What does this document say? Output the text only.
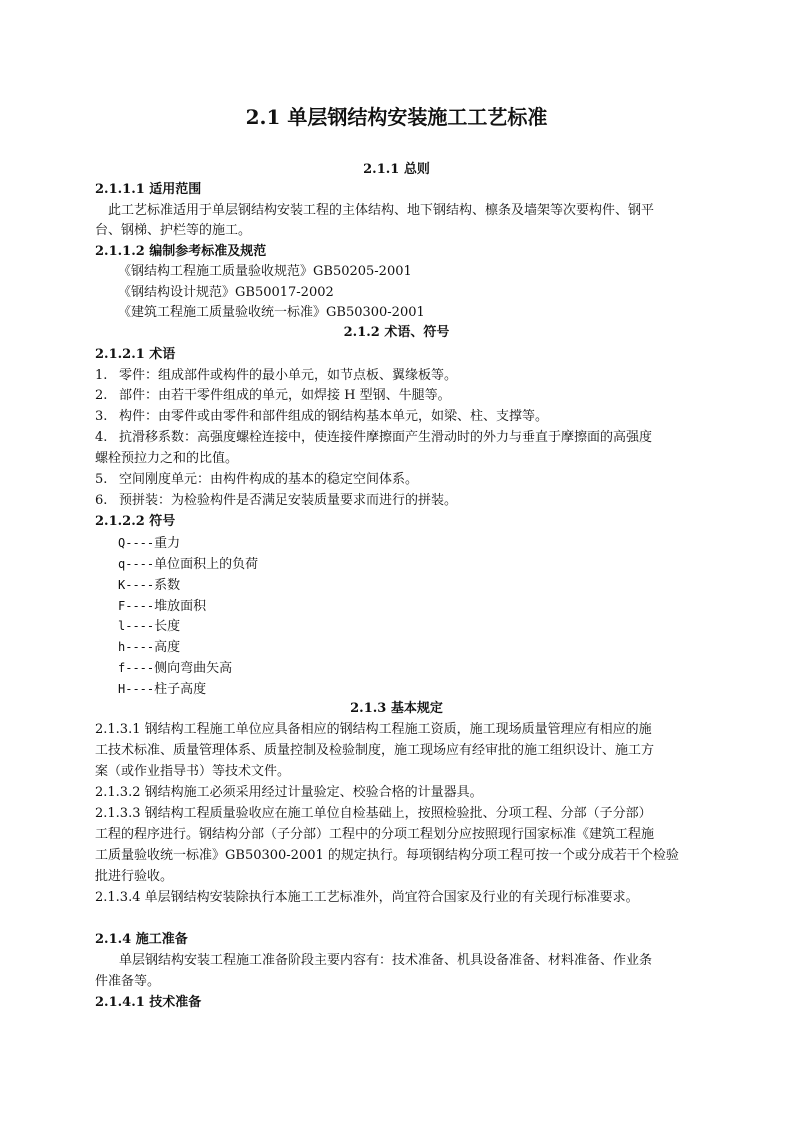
2.1 单层钢结构安装施工工艺标准
2.1.1 总则
2.1.1.1 适用范围
此工艺标准适用于单层钢结构安装工程的主体结构、地下钢结构、檩条及墙架等次要构件、钢平
台、钢梯、护栏等的施工。
2.1.1.2 编制参考标准及规范
《钢结构工程施工质量验收规范》GB50205-2001
《钢结构设计规范》GB50017-2002
《建筑工程施工质量验收统一标准》GB50300-2001
2.1.2 术语、符号
2.1.2.1 术语
1. 零件：组成部件或构件的最小单元，如节点板、翼缘板等。
2. 部件：由若干零件组成的单元，如焊接 H 型钢、牛腿等。
3. 构件：由零件或由零件和部件组成的钢结构基本单元，如梁、柱、支撑等。
4. 抗滑移系数：高强度螺栓连接中，使连接件摩擦面产生滑动时的外力与垂直于摩擦面的高强度
螺栓预拉力之和的比值。
5. 空间刚度单元：由构件构成的基本的稳定空间体系。
6. 预拼装：为检验构件是否满足安装质量要求而进行的拼装。
2.1.2.2 符号
Q----重力
q----单位面积上的负荷
K----系数
F----堆放面积
l----长度
h----高度
f----侧向弯曲矢高
H----柱子高度
2.1.3 基本规定
2.1.3.1 钢结构工程施工单位应具备相应的钢结构工程施工资质，施工现场质量管理应有相应的施
工技术标准、质量管理体系、质量控制及检验制度，施工现场应有经审批的施工组织设计、施工方
案（或作业指导书）等技术文件。
2.1.3.2 钢结构施工必须采用经过计量验定、校验合格的计量器具。
2.1.3.3 钢结构工程质量验收应在施工单位自检基础上，按照检验批、分项工程、分部（子分部）
工程的程序进行。钢结构分部（子分部）工程中的分项工程划分应按照现行国家标准《建筑工程施
工质量验收统一标准》GB50300-2001 的规定执行。每项钢结构分项工程可按一个或分成若干个检验
批进行验收。
2.1.3.4 单层钢结构安装除执行本施工工艺标准外，尚宜符合国家及行业的有关现行标准要求。
2.1.4 施工准备
单层钢结构安装工程施工准备阶段主要内容有：技术准备、机具设备准备、材料准备、作业条
件准备等。
2.1.4.1 技术准备
